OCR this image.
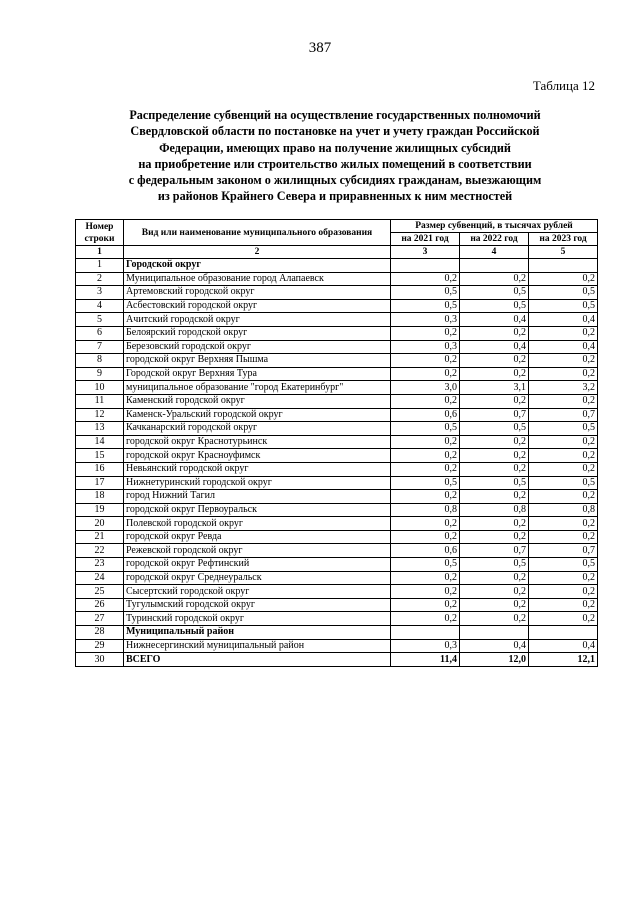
387
Таблица 12
Распределение субвенций на осуществление государственных полномочий
Свердловской области по постановке на учет и учету граждан Российской
Федерации, имеющих право на получение жилищных субсидий
на приобретение или строительство жилых помещений в соответствии
с федеральным законом о жилищных субсидиях гражданам, выезжающим
из районов Крайнего Севера и приравненных к ним местностей
Номер строки	Вид или наименование муниципального образования	Размер субвенций, в тысячах рублей		
		на 2021 год	на 2022 год	на 2023 год
1	2	3	4	5
1	Городской округ			
2	Муниципальное образование город Алапаевск	0,2	0,2	0,2
3	Артемовский городской округ	0,5	0,5	0,5
4	Асбестовский городской округ	0,5	0,5	0,5
5	Ачитский городской округ	0,3	0,4	0,4
6	Белоярский городской округ	0,2	0,2	0,2
7	Березовский городской округ	0,3	0,4	0,4
8	городской округ Верхняя Пышма	0,2	0,2	0,2
9	Городской округ Верхняя Тура	0,2	0,2	0,2
10	муниципальное образование "город Екатеринбург"	3,0	3,1	3,2
11	Каменский городской округ	0,2	0,2	0,2
12	Каменск-Уральский городской округ	0,6	0,7	0,7
13	Качканарский городской округ	0,5	0,5	0,5
14	городской округ Краснотурьинск	0,2	0,2	0,2
15	городской округ Красноуфимск	0,2	0,2	0,2
16	Невьянский городской округ	0,2	0,2	0,2
17	Нижнетуринский городской округ	0,5	0,5	0,5
18	город Нижний Тагил	0,2	0,2	0,2
19	городской округ Первоуральск	0,8	0,8	0,8
20	Полевской городской округ	0,2	0,2	0,2
21	городской округ Ревда	0,2	0,2	0,2
22	Режевской городской округ	0,6	0,7	0,7
23	городской округ Рефтинский	0,5	0,5	0,5
24	городской округ Среднеуральск	0,2	0,2	0,2
25	Сысертский городской округ	0,2	0,2	0,2
26	Тугулымский городской округ	0,2	0,2	0,2
27	Туринский городской округ	0,2	0,2	0,2
28	Муниципальный район			
29	Нижнесергинский муниципальный район	0,3	0,4	0,4
30	ВСЕГО	11,4	12,0	12,1
